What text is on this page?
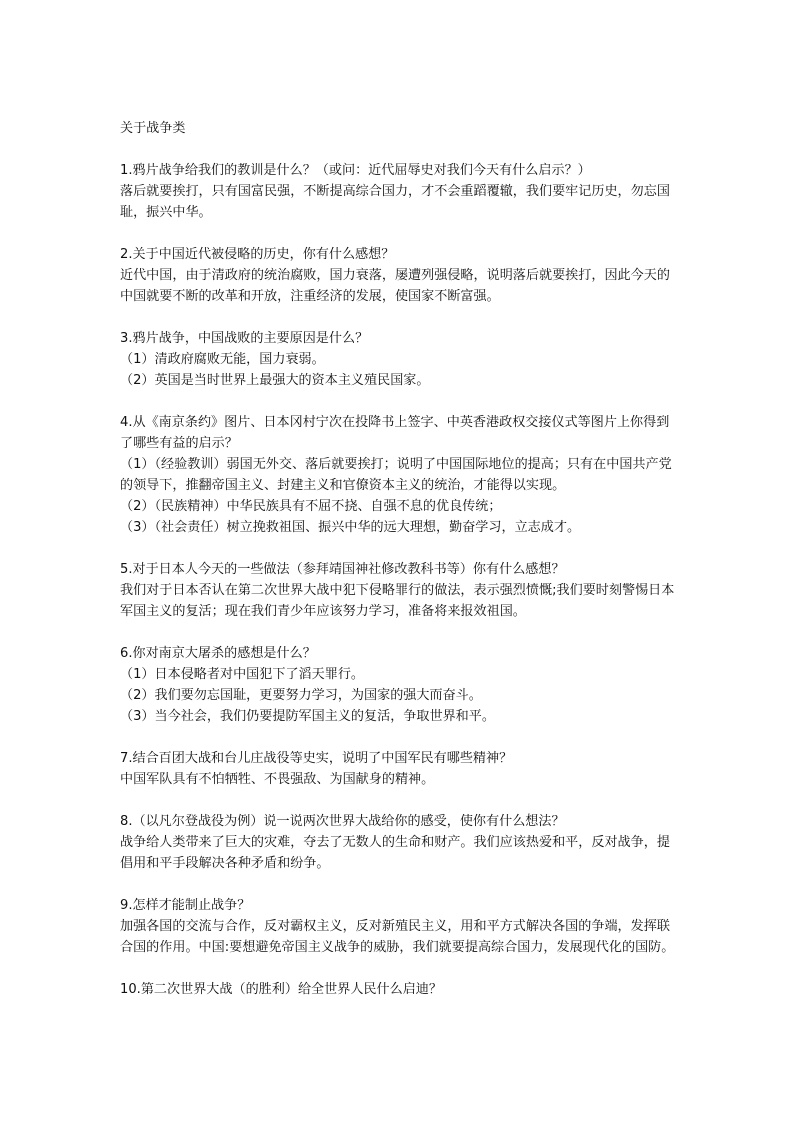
关于战争类
1.鸦片战争给我们的教训是什么？（或问：近代屈辱史对我们今天有什么启示？）
落后就要挨打，只有国富民强，不断提高综合国力，才不会重蹈覆辙，我们要牢记历史，勿忘国耻，振兴中华。
2.关于中国近代被侵略的历史，你有什么感想？
近代中国，由于清政府的统治腐败，国力衰落，屡遭列强侵略，说明落后就要挨打，因此今天的中国就要不断的改革和开放，注重经济的发展，使国家不断富强。
3.鸦片战争，中国战败的主要原因是什么？
（1）清政府腐败无能，国力衰弱。
（2）英国是当时世界上最强大的资本主义殖民国家。
4.从《南京条约》图片、日本冈村宁次在投降书上签字、中英香港政权交接仪式等图片上你得到了哪些有益的启示？
（1）（经验教训）弱国无外交、落后就要挨打；说明了中国国际地位的提高；只有在中国共产党的领导下，推翻帝国主义、封建主义和官僚资本主义的统治，才能得以实现。
（2）（民族精神）中华民族具有不屈不挠、自强不息的优良传统；
（3）（社会责任）树立挽救祖国、振兴中华的远大理想，勤奋学习，立志成才。
5.对于日本人今天的一些做法（参拜靖国神社修改教科书等）你有什么感想？
我们对于日本否认在第二次世界大战中犯下侵略罪行的做法，表示强烈愤慨;我们要时刻警惕日本军国主义的复活；现在我们青少年应该努力学习，准备将来报效祖国。
6.你对南京大屠杀的感想是什么？
（1）日本侵略者对中国犯下了滔天罪行。
（2）我们要勿忘国耻，更要努力学习，为国家的强大而奋斗。
（3）当今社会，我们仍要提防军国主义的复活，争取世界和平。
7.结合百团大战和台儿庄战役等史实，说明了中国军民有哪些精神？
中国军队具有不怕牺牲、不畏强敌、为国献身的精神。
8.（以凡尔登战役为例）说一说两次世界大战给你的感受，使你有什么想法？
战争给人类带来了巨大的灾难，夺去了无数人的生命和财产。我们应该热爱和平，反对战争，提倡用和平手段解决各种矛盾和纷争。
9.怎样才能制止战争？
加强各国的交流与合作，反对霸权主义，反对新殖民主义，用和平方式解决各国的争端，发挥联合国的作用。中国:要想避免帝国主义战争的威胁，我们就要提高综合国力，发展现代化的国防。
10.第二次世界大战（的胜利）给全世界人民什么启迪？
